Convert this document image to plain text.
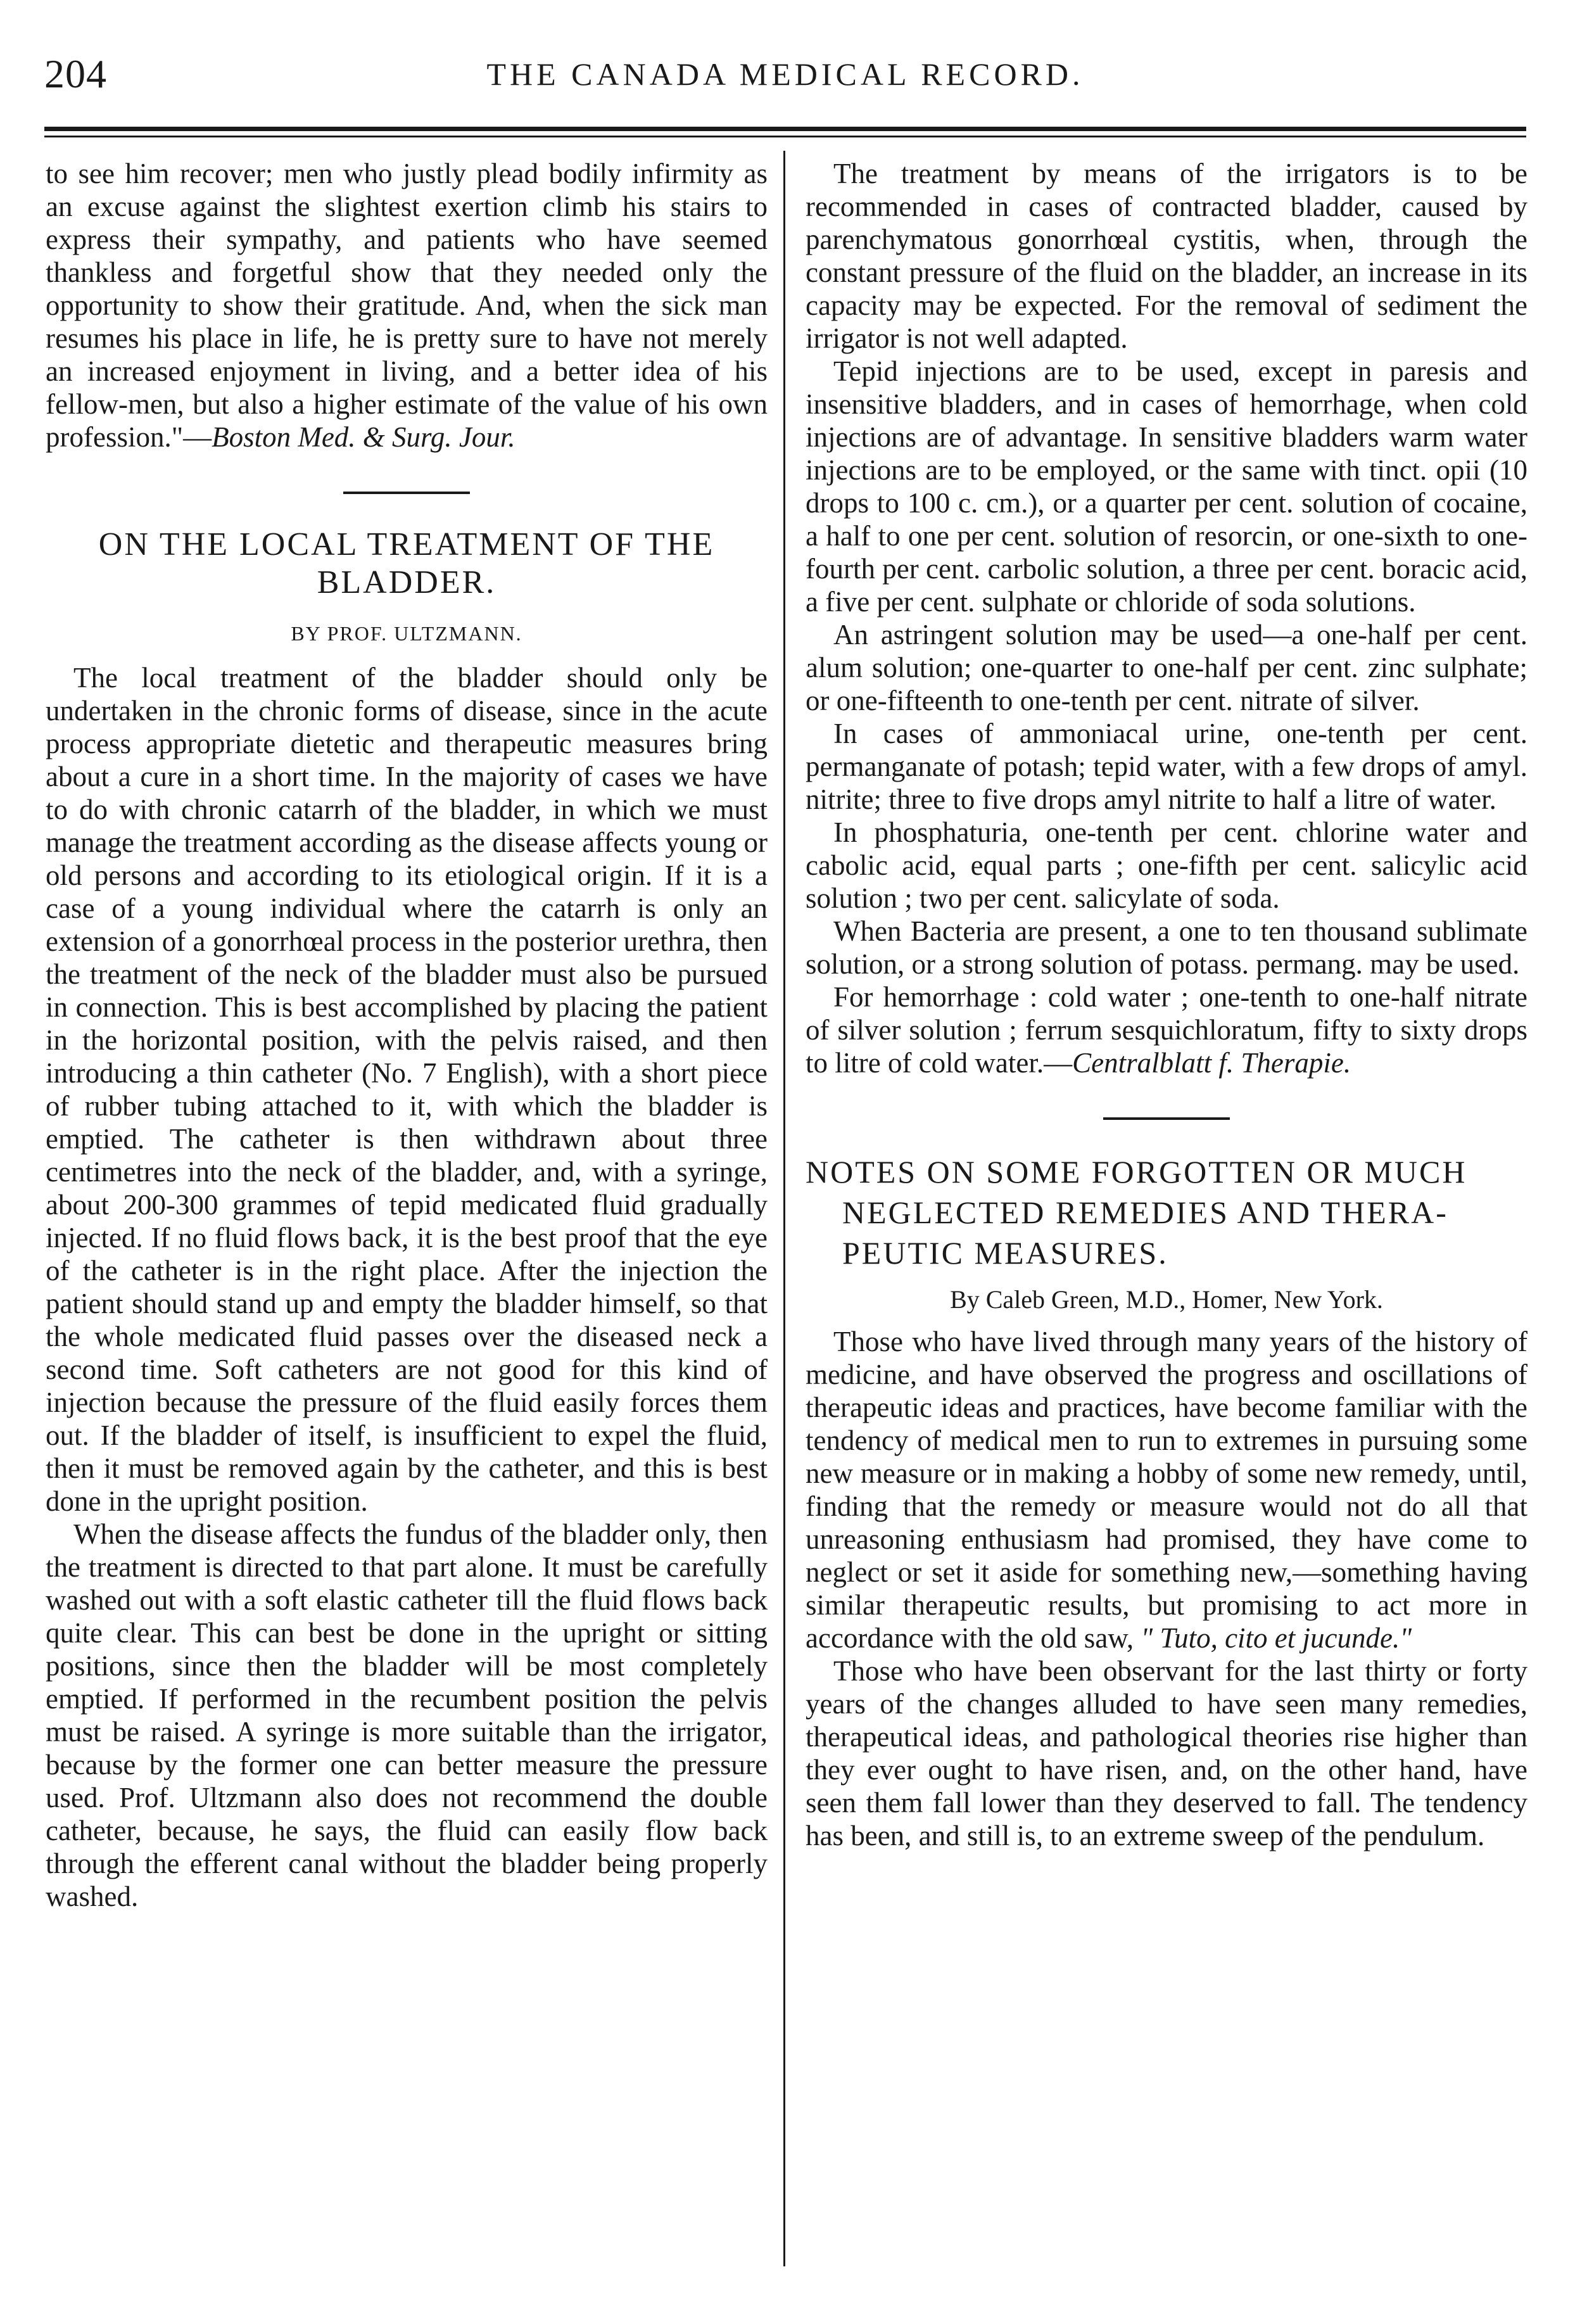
204	THE CANADA MEDICAL RECORD.

to see him recover; men who justly plead bodily infirmity as an excuse against the slightest exertion climb his stairs to express their sympathy, and patients who have seemed thankless and forgetful show that they needed only the opportunity to show their gratitude. And, when the sick man resumes his place in life, he is pretty sure to have not merely an increased enjoyment in living, and a better idea of his fellow-men, but also a higher estimate of the value of his own profession."—Boston Med. & Surg. Jour.

ON THE LOCAL TREATMENT OF THE BLADDER.
BY PROF. ULTZMANN.

The local treatment of the bladder should only be undertaken in the chronic forms of disease, since in the acute process appropriate dietetic and therapeutic measures bring about a cure in a short time. In the majority of cases we have to do with chronic catarrh of the bladder, in which we must manage the treatment according as the disease affects young or old persons and according to its etiological origin. If it is a case of a young individual where the catarrh is only an extension of a gonorrhœal process in the posterior urethra, then the treatment of the neck of the bladder must also be pursued in connection. This is best accomplished by placing the patient in the horizontal position, with the pelvis raised, and then introducing a thin catheter (No. 7 English), with a short piece of rubber tubing attached to it, with which the bladder is emptied. The catheter is then withdrawn about three centimetres into the neck of the bladder, and, with a syringe, about 200-300 grammes of tepid medicated fluid gradually injected. If no fluid flows back, it is the best proof that the eye of the catheter is in the right place. After the injection the patient should stand up and empty the bladder himself, so that the whole medicated fluid passes over the diseased neck a second time. Soft catheters are not good for this kind of injection because the pressure of the fluid easily forces them out. If the bladder of itself, is insufficient to expel the fluid, then it must be removed again by the catheter, and this is best done in the upright position.

When the disease affects the fundus of the bladder only, then the treatment is directed to that part alone. It must be carefully washed out with a soft elastic catheter till the fluid flows back quite clear. This can best be done in the upright or sitting positions, since then the bladder will be most completely emptied. If performed in the recumbent position the pelvis must be raised. A syringe is more suitable than the irrigator, because by the former one can better measure the pressure used. Prof. Ultzmann also does not recommend the double catheter, because, he says, the fluid can easily flow back through the efferent canal without the bladder being properly washed.

The treatment by means of the irrigators is to be recommended in cases of contracted bladder, caused by parenchymatous gonorrhœal cystitis, when, through the constant pressure of the fluid on the bladder, an increase in its capacity may be expected. For the removal of sediment the irrigator is not well adapted.

Tepid injections are to be used, except in paresis and insensitive bladders, and in cases of hemorrhage, when cold injections are of advantage. In sensitive bladders warm water injections are to be employed, or the same with tinct. opii (10 drops to 100 c. cm.), or a quarter per cent. solution of cocaine, a half to one per cent. solution of resorcin, or one-sixth to one-fourth per cent. carbolic solution, a three per cent. boracic acid, a five per cent. sulphate or chloride of soda solutions.

An astringent solution may be used—a one-half per cent. alum solution; one-quarter to one-half per cent. zinc sulphate; or one-fifteenth to one-tenth per cent. nitrate of silver.

In cases of ammoniacal urine, one-tenth per cent. permanganate of potash; tepid water, with a few drops of amyl. nitrite; three to five drops amyl nitrite to half a litre of water.

In phosphaturia, one-tenth per cent. chlorine water and cabolic acid, equal parts ; one-fifth per cent. salicylic acid solution ; two per cent. salicylate of soda.

When Bacteria are present, a one to ten thousand sublimate solution, or a strong solution of potass. permang. may be used.

For hemorrhage : cold water ; one-tenth to one-half nitrate of silver solution ; ferrum sesquichloratum, fifty to sixty drops to litre of cold water.—Centralblatt f. Therapie.

NOTES ON SOME FORGOTTEN OR MUCH
NEGLECTED REMEDIES AND THERA-
PEUTIC MEASURES.
By Caleb Green, M.D., Homer, New York.

Those who have lived through many years of the history of medicine, and have observed the progress and oscillations of therapeutic ideas and practices, have become familiar with the tendency of medical men to run to extremes in pursuing some new measure or in making a hobby of some new remedy, until, finding that the remedy or measure would not do all that unreasoning enthusiasm had promised, they have come to neglect or set it aside for something new,—something having similar therapeutic results, but promising to act more in accordance with the old saw, " Tuto, cito et jucunde."

Those who have been observant for the last thirty or forty years of the changes alluded to have seen many remedies, therapeutical ideas, and pathological theories rise higher than they ever ought to have risen, and, on the other hand, have seen them fall lower than they deserved to fall. The tendency has been, and still is, to an extreme sweep of the pendulum.
